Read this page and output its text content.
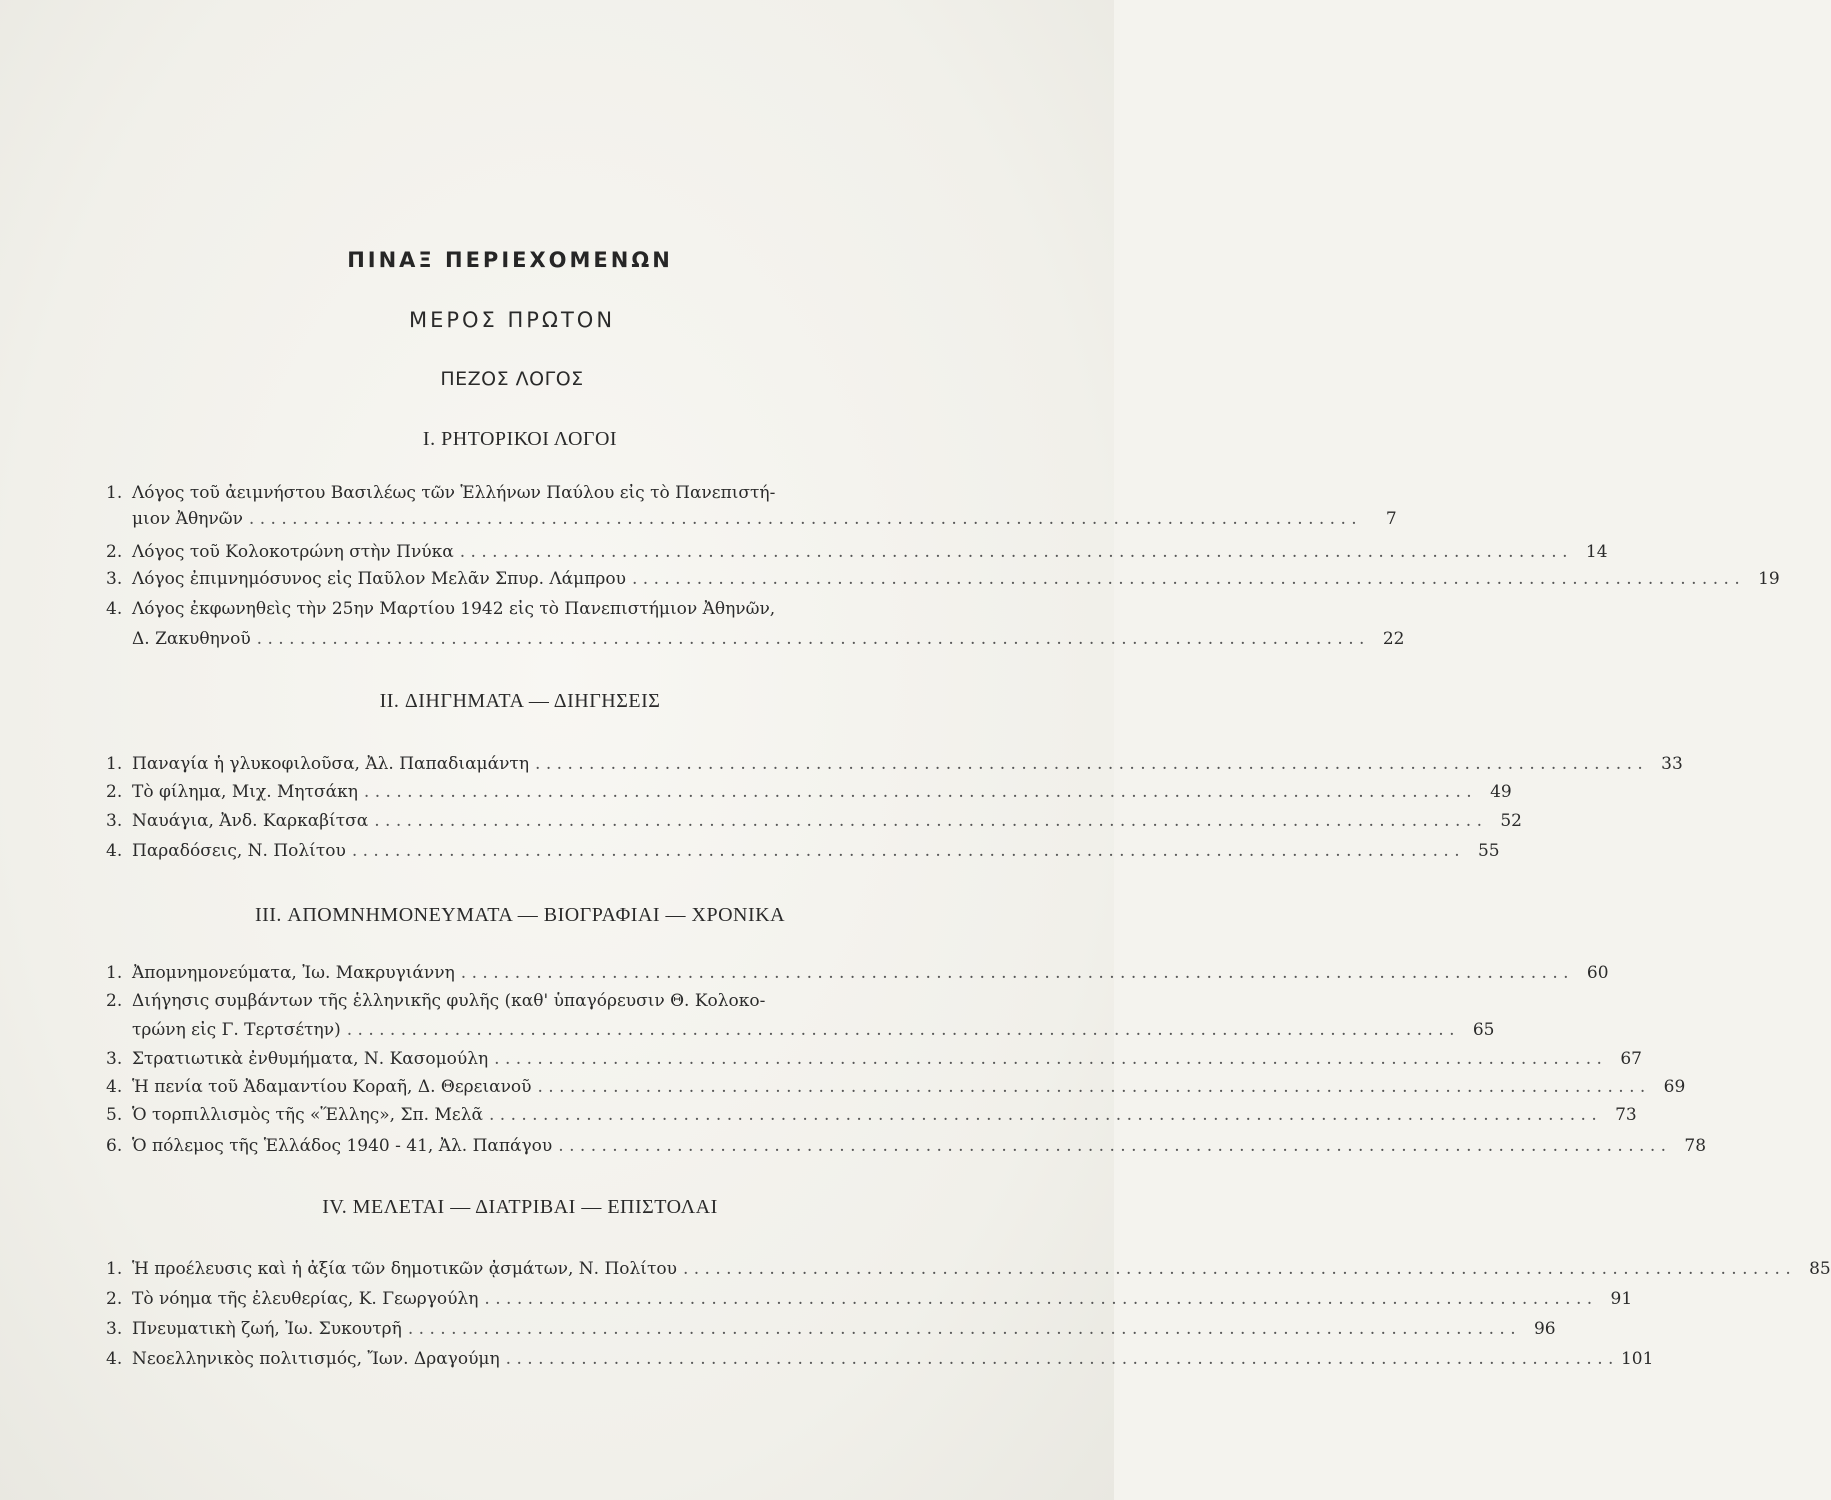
ΠΙΝΑΞ ΠΕΡΙΕΧΟΜΕΝΩΝ
ΜΕΡΟΣ ΠΡΩΤΟΝ
ΠΕΖΟΣ ΛΟΓΟΣ
I. ΡΗΤΟΡΙΚΟΙ ΛΟΓΟΙ
1. Λόγος τοῦ ἀειμνήστου Βασιλέως τῶν Ἑλλήνων Παύλου εἰς τὸ Πανεπιστή-
μιον Ἀθηνῶν . . .	7
2. Λόγος τοῦ Κολοκοτρώνη στὴν Πνύκα . . .	14
3. Λόγος ἐπιμνημόσυνος εἰς Παῦλον Μελᾶν Σπυρ. Λάμπρου . . .	19
4. Λόγος ἐκφωνηθεὶς τὴν 25ην Μαρτίου 1942 εἰς τὸ Πανεπιστήμιον Ἀθηνῶν,
Δ. Ζακυθηνοῦ . . .	22
II. ΔΙΗΓΗΜΑΤΑ — ΔΙΗΓΗΣΕΙΣ
1. Παναγία ἡ γλυκοφιλοῦσα, Ἀλ. Παπαδιαμάντη . . .	33
2. Τὸ φίλημα, Μιχ. Μητσάκη . . .	49
3. Ναυάγια, Ἀνδ. Καρκαβίτσα . . .	52
4. Παραδόσεις, Ν. Πολίτου . . .	55
III. ΑΠΟΜΝΗΜΟΝΕΥΜΑΤΑ — ΒΙΟΓΡΑΦΙΑΙ — ΧΡΟΝΙΚΑ
1. Ἀπομνημονεύματα, Ἰω. Μακρυγιάννη . . .	60
2. Διήγησις συμβάντων τῆς ἑλληνικῆς φυλῆς (καθ' ὑπαγόρευσιν Θ. Κολοκο-
τρώνη εἰς Γ. Τερτσέτην) . . .	65
3. Στρατιωτικὰ ἐνθυμήματα, Ν. Κασομούλη . . .	67
4. Ἡ πενία τοῦ Ἀδαμαντίου Κοραῆ, Δ. Θερειανοῦ . . .	69
5. Ὁ τορπιλλισμὸς τῆς «Ἕλλης», Σπ. Μελᾶ . . .	73
6. Ὁ πόλεμος τῆς Ἑλλάδος 1940 - 41, Ἀλ. Παπάγου . . .	78
IV. ΜΕΛΕΤΑΙ — ΔΙΑΤΡΙΒΑΙ — ΕΠΙΣΤΟΛΑΙ
1. Ἡ προέλευσις καὶ ἡ ἀξία τῶν δημοτικῶν ᾀσμάτων, Ν. Πολίτου . . .	85
2. Τὸ νόημα τῆς ἐλευθερίας, Κ. Γεωργούλη . . .	91
3. Πνευματικὴ ζωή, Ἰω. Συκουτρῆ . . .	96
4. Νεοελληνικὸς πολιτισμός, Ἴων. Δραγούμη . . .	101
